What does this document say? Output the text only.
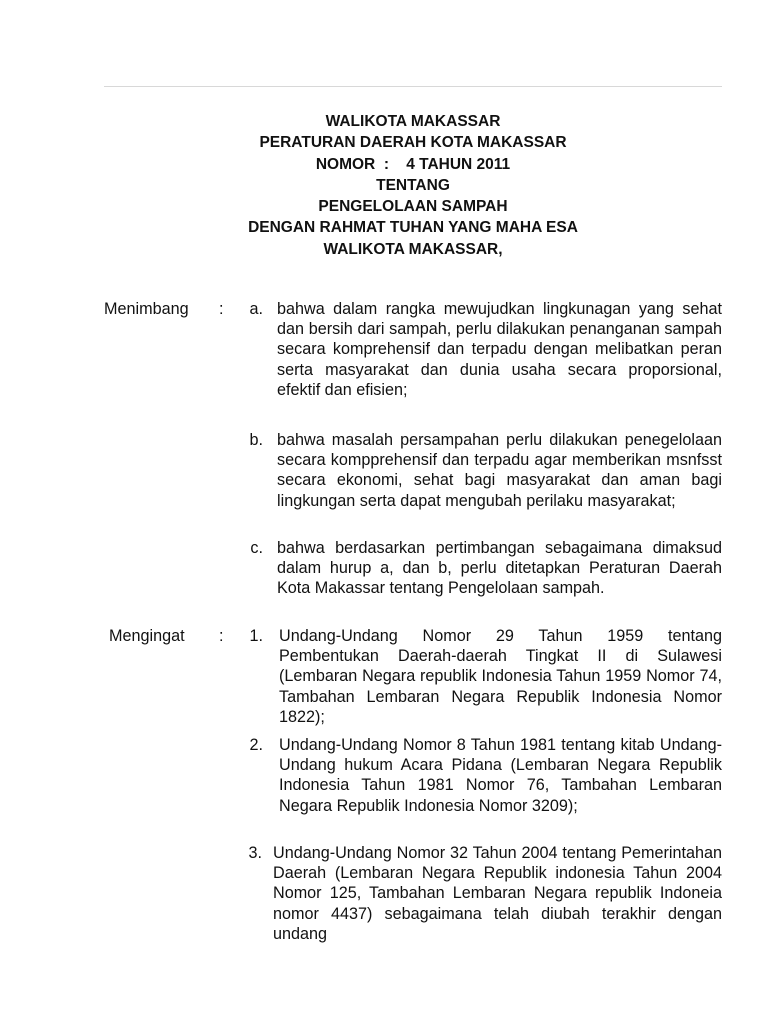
WALIKOTA MAKASSAR
PERATURAN DAERAH KOTA MAKASSAR
NOMOR  :    4 TAHUN 2011
TENTANG
PENGELOLAAN SAMPAH
DENGAN RAHMAT TUHAN YANG MAHA ESA
WALIKOTA MAKASSAR,
Menimbang :	a. bahwa dalam rangka mewujudkan lingkunagan yang sehat dan bersih dari sampah, perlu dilakukan penanganan sampah secara komprehensif dan terpadu dengan melibatkan peran serta masyarakat dan dunia usaha secara proporsional, efektif dan efisien;
b. bahwa masalah persampahan perlu dilakukan penegelolaan secara kompprehensif dan terpadu agar memberikan msnfsst secara ekonomi, sehat bagi masyarakat dan aman bagi lingkungan serta dapat mengubah perilaku masyarakat;
c. bahwa berdasarkan pertimbangan sebagaimana dimaksud dalam hurup a, dan b, perlu ditetapkan Peraturan Daerah Kota Makassar tentang Pengelolaan sampah.
Mengingat :	1. Undang-Undang Nomor 29 Tahun 1959 tentang Pembentukan Daerah-daerah Tingkat II di Sulawesi (Lembaran Negara republik Indonesia Tahun 1959 Nomor 74, Tambahan Lembaran Negara Republik Indonesia Nomor 1822);
2. Undang-Undang Nomor 8 Tahun 1981 tentang kitab Undang-Undang hukum Acara Pidana (Lembaran Negara Republik Indonesia Tahun 1981 Nomor 76, Tambahan Lembaran Negara Republik Indonesia Nomor 3209);
3. Undang-Undang Nomor 32 Tahun 2004 tentang Pemerintahan Daerah (Lembaran Negara Republik indonesia Tahun 2004 Nomor 125, Tambahan Lembaran Negara republik Indoneia nomor 4437) sebagaimana telah diubah terakhir dengan undang
